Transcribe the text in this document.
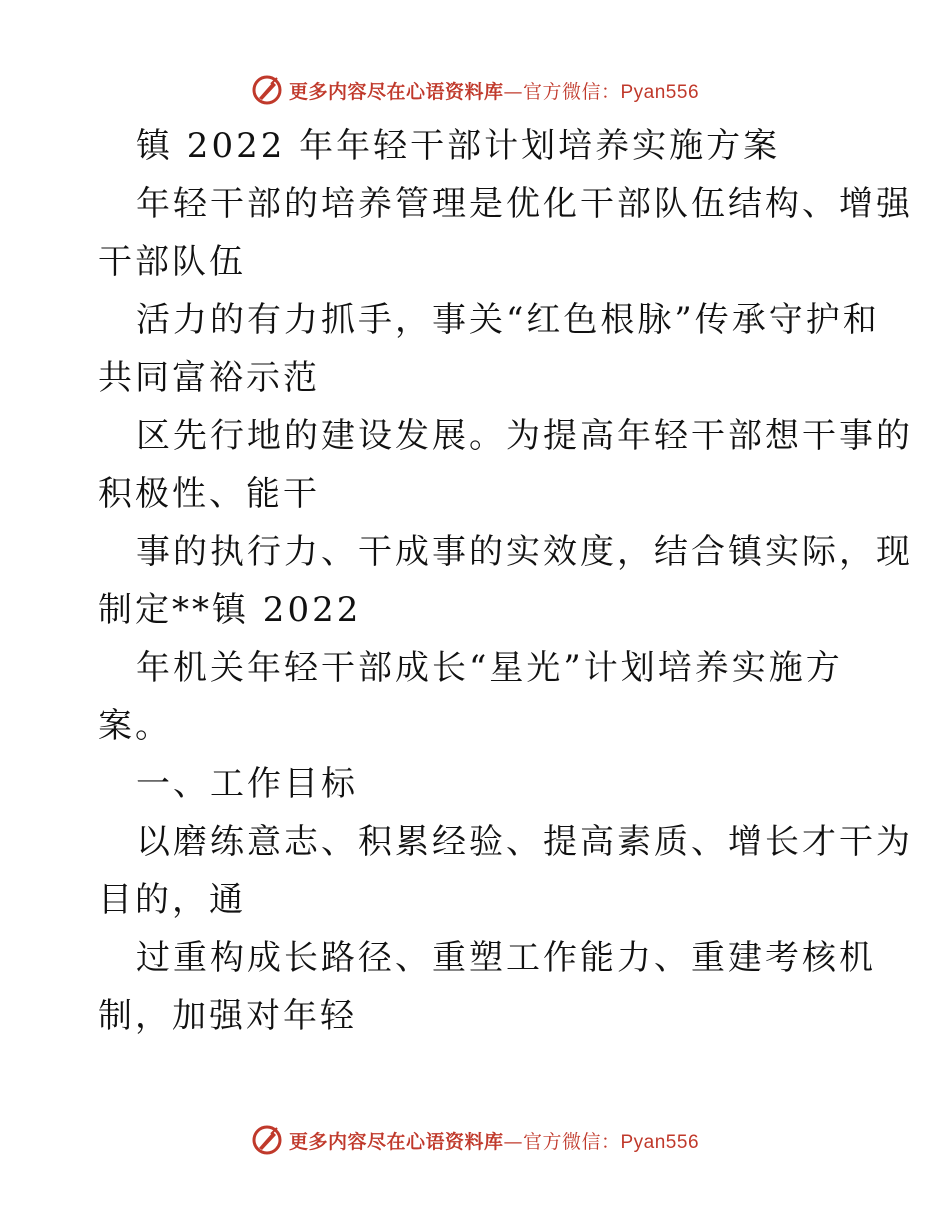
更多内容尽在心语资料库—官方微信：Pyan556
镇 2022 年年轻干部计划培养实施方案
年轻干部的培养管理是优化干部队伍结构、增强
干部队伍
活力的有力抓手，事关“红色根脉”传承守护和
共同富裕示范
区先行地的建设发展。为提高年轻干部想干事的
积极性、能干
事的执行力、干成事的实效度，结合镇实际，现
制定**镇 2022
年机关年轻干部成长“星光”计划培养实施方
案。
一、工作目标
以磨练意志、积累经验、提高素质、增长才干为
目的，通
过重构成长路径、重塑工作能力、重建考核机
制，加强对年轻
更多内容尽在心语资料库—官方微信：Pyan556
